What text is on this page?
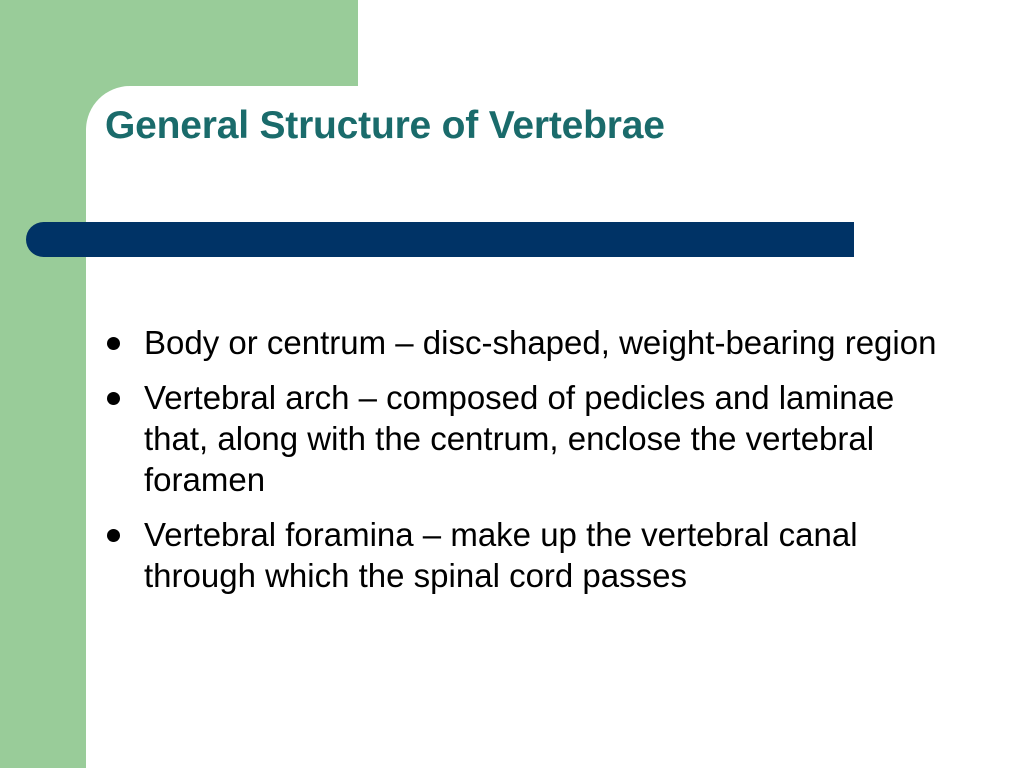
General Structure of Vertebrae
Body or centrum – disc-shaped, weight-bearing region
Vertebral arch – composed of pedicles and laminae that, along with the centrum, enclose the vertebral foramen
Vertebral foramina – make up the vertebral canal through which the spinal cord passes
